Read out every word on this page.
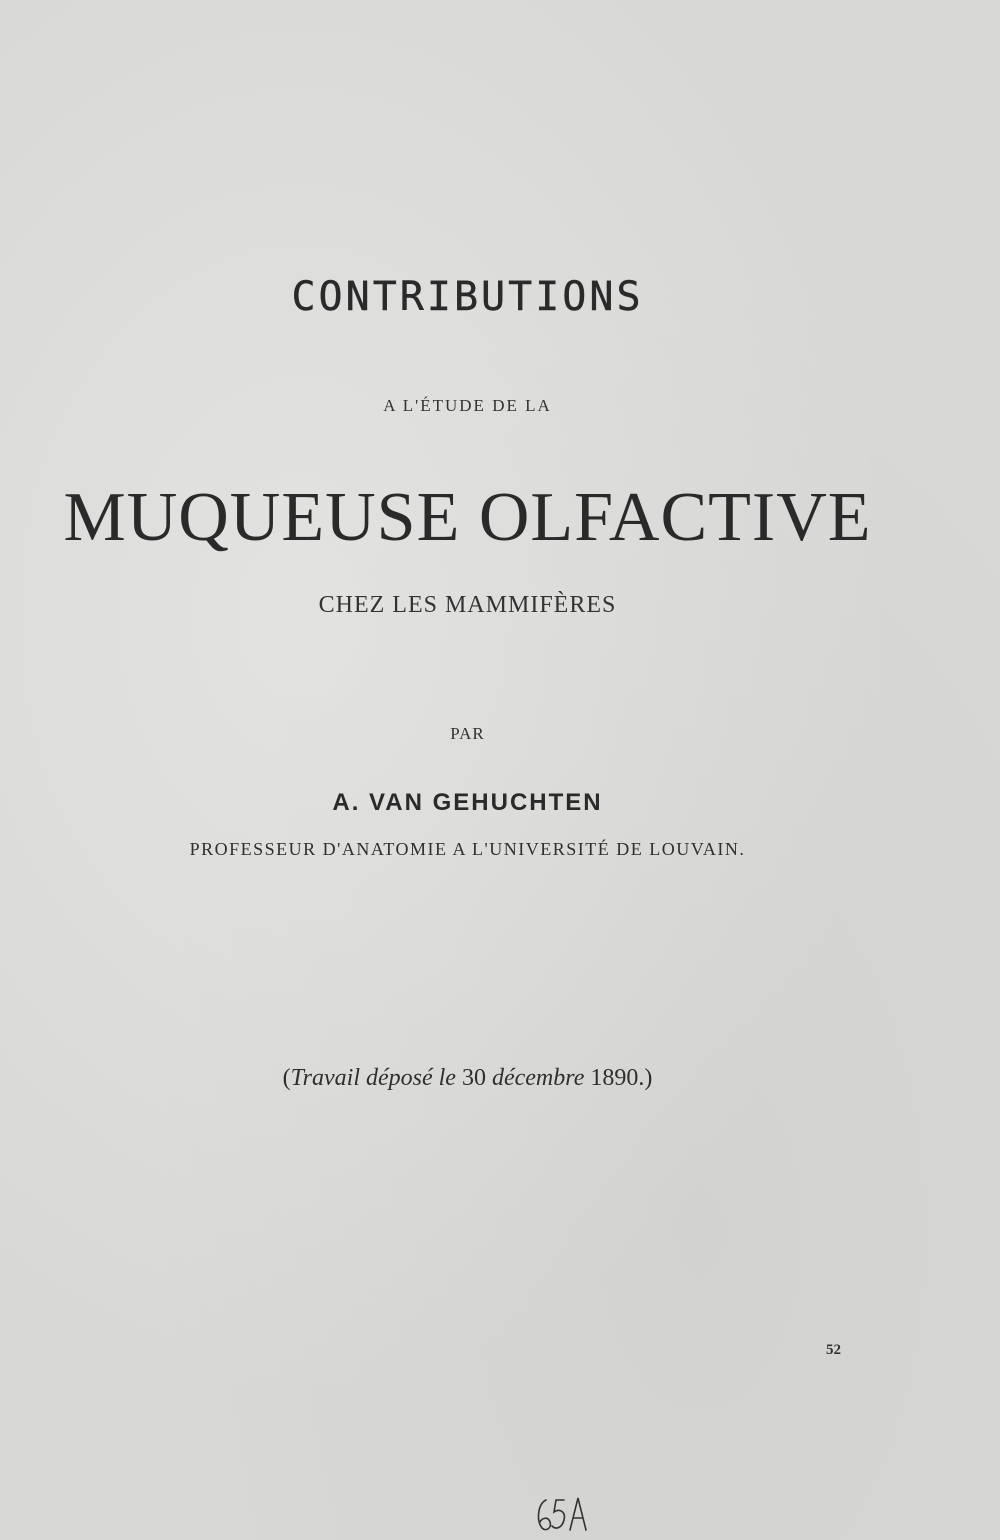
CONTRIBUTIONS
A L'ÉTUDE DE LA
MUQUEUSE OLFACTIVE
CHEZ LES MAMMIFÈRES
PAR
A. VAN GEHUCHTEN
PROFESSEUR D'ANATOMIE A L'UNIVERSITÉ DE LOUVAIN.
(Travail déposé le 30 décembre 1890.)
52
